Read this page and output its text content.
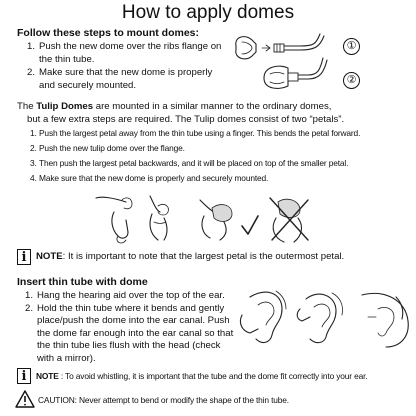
How to apply domes
Follow these steps to mount domes:
1. Push the new dome over the ribs flange on the thin tube.
2. Make sure that the new dome is properly and securely mounted.
①
②
The Tulip Domes are mounted in a similar manner to the ordinary domes,
but a few extra steps are required. The Tulip domes consist of two “petals”.
1. Push the largest petal away from the thin tube using a finger. This bends the petal forward.
2. Push the new tulip dome over the flange.
3. Then push the largest petal backwards, and it will be placed on top of the smaller petal.
4. Make sure that the new dome is properly and securely mounted.
i NOTE: It is important to note that the largest petal is the outermost petal.
Insert thin tube with dome
1. Hang the hearing aid over the top of the ear.
2. Hold the thin tube where it bends and gently place/push the dome into the ear canal. Push the dome far enough into the ear canal so that the thin tube lies flush with the head (check with a mirror).
i	NOTE : To avoid whistling, it is important that the tube and the dome fit correctly into your ear.
CAUTION: Never attempt to bend or modify the shape of the thin tube.
